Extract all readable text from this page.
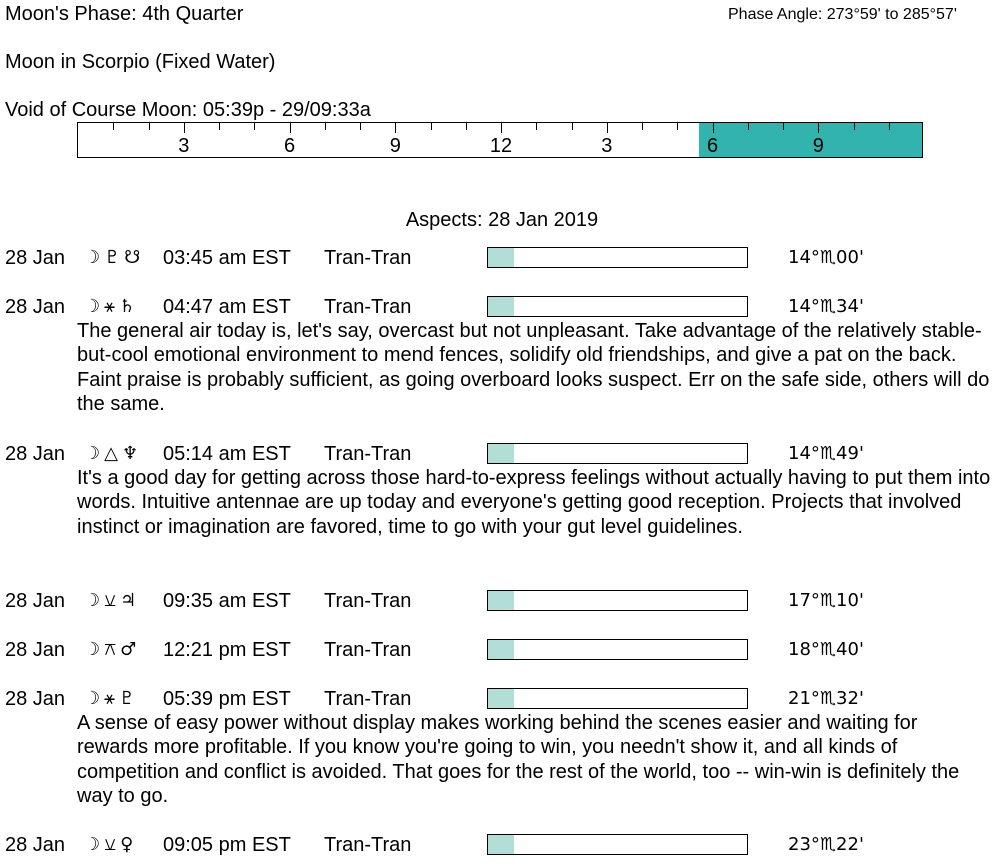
Moon's Phase: 4th Quarter	Phase Angle: 273°59' to 285°57'
Moon in Scorpio (Fixed Water)
Void of Course Moon: 05:39p - 29/09:33a
3	6	9	12	3	6	9
Aspects: 28 Jan 2019
28 Jan ☽♇☋ 03:45 am EST Tran-Tran	14°♏00'
28 Jan ☽⚹♄ 04:47 am EST Tran-Tran	14°♏34'
The general air today is, let's say, overcast but not unpleasant. Take advantage of the relatively stable-but-cool emotional environment to mend fences, solidify old friendships, and give a pat on the back. Faint praise is probably sufficient, as going overboard looks suspect. Err on the safe side, others will do the same.
28 Jan ☽△♆ 05:14 am EST Tran-Tran	14°♏49'
It's a good day for getting across those hard-to-express feelings without actually having to put them into words. Intuitive antennae are up today and everyone's getting good reception. Projects that involved instinct or imagination are favored, time to go with your gut level guidelines.
28 Jan ☽⚺♃ 09:35 am EST Tran-Tran	17°♏10'
28 Jan ☽⚻♂ 12:21 pm EST Tran-Tran	18°♏40'
28 Jan ☽⚹♇ 05:39 pm EST Tran-Tran	21°♏32'
A sense of easy power without display makes working behind the scenes easier and waiting for rewards more profitable. If you know you're going to win, you needn't show it, and all kinds of competition and conflict is avoided. That goes for the rest of the world, too -- win-win is definitely the way to go.
28 Jan ☽⚺♀ 09:05 pm EST Tran-Tran	23°♏22'
